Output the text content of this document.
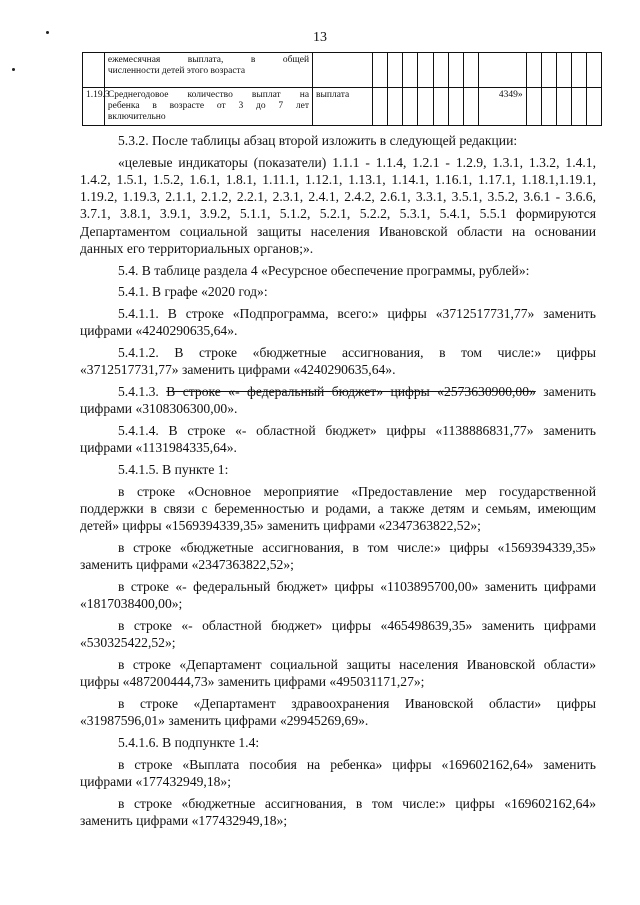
13

	ежемесячная выплата, в общей
численности детей этого возраста														

1.19.3	Среднегодовое количество выплат на
ребенка в возрасте от 3 до 7 лет
включительно	выплата								4349»					

5.3.2. После таблицы абзац второй изложить в следующей редакции:

«целевые индикаторы (показатели) 1.1.1 - 1.1.4, 1.2.1 - 1.2.9, 1.3.1, 1.3.2, 1.4.1, 1.4.2, 1.5.1, 1.5.2, 1.6.1, 1.8.1, 1.11.1, 1.12.1, 1.13.1, 1.14.1, 1.16.1, 1.17.1, 1.18.1,1.19.1, 1.19.2, 1.19.3, 2.1.1, 2.1.2, 2.2.1, 2.3.1, 2.4.1, 2.4.2, 2.6.1, 3.3.1, 3.5.1, 3.5.2, 3.6.1 - 3.6.6, 3.7.1, 3.8.1, 3.9.1, 3.9.2, 5.1.1, 5.1.2, 5.2.1, 5.2.2, 5.3.1, 5.4.1, 5.5.1 формируются Департаментом социальной защиты населения Ивановской области на основании данных его территориальных органов;».

5.4. В таблице раздела 4 «Ресурсное обеспечение программы, рублей»:

5.4.1. В графе «2020 год»:

5.4.1.1. В строке «Подпрограмма, всего:» цифры «3712517731,77» заменить цифрами «4240290635,64».

5.4.1.2. В строке «бюджетные ассигнования, в том числе:» цифры «3712517731,77» заменить цифрами «4240290635,64».

5.4.1.3. В строке «- федеральный бюджет» цифры «2573630900,00» заменить цифрами «3108306300,00».

5.4.1.4. В строке «- областной бюджет» цифры «1138886831,77» заменить цифрами «1131984335,64».

5.4.1.5. В пункте 1:

в строке «Основное мероприятие «Предоставление мер государственной поддержки в связи с беременностью и родами, а также детям и семьям, имеющим детей» цифры «1569394339,35» заменить цифрами «2347363822,52»;

в строке «бюджетные ассигнования, в том числе:» цифры «1569394339,35» заменить цифрами «2347363822,52»;

в строке «- федеральный бюджет» цифры «1103895700,00» заменить цифрами «1817038400,00»;

в строке «- областной бюджет» цифры «465498639,35» заменить цифрами «530325422,52»;

в строке «Департамент социальной защиты населения Ивановской области» цифры «487200444,73» заменить цифрами «495031171,27»;

в строке «Департамент здравоохранения Ивановской области» цифры «31987596,01» заменить цифрами «29945269,69».

5.4.1.6. В подпункте 1.4:

в строке «Выплата пособия на ребенка» цифры «169602162,64» заменить цифрами «177432949,18»;

в строке «бюджетные ассигнования, в том числе:» цифры «169602162,64» заменить цифрами «177432949,18»;
